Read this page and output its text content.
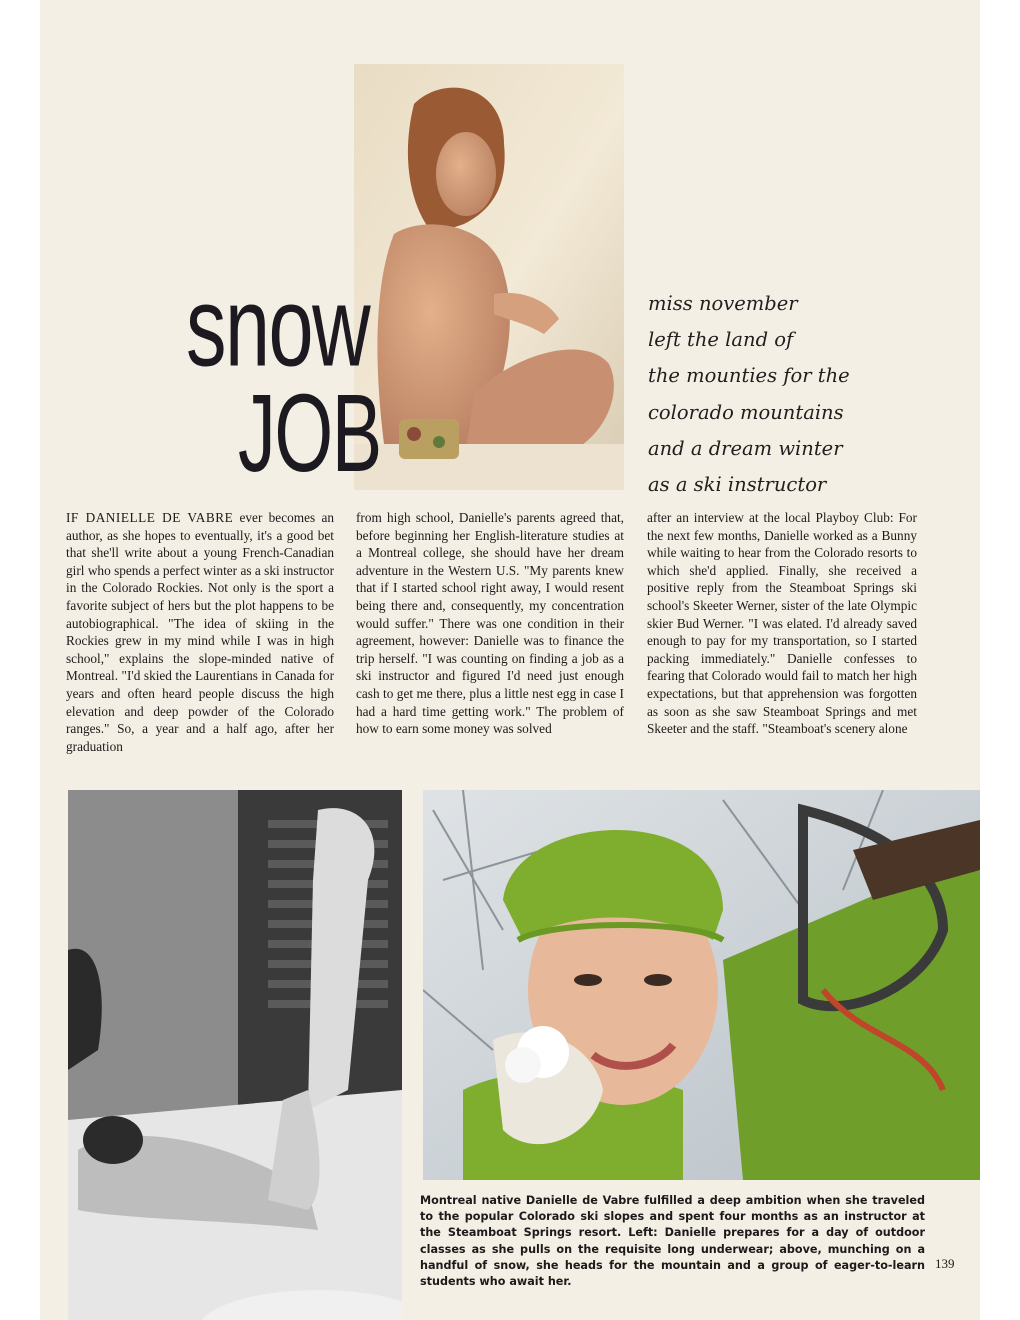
snow
JOB
miss november
left the land of
the mounties for the
colorado mountains
and a dream winter
as a ski instructor

IF DANIELLE DE VABRE ever becomes an author, as she hopes to eventually, it's a good bet that she'll write about a young French-Canadian girl who spends a perfect winter as a ski instructor in the Colorado Rockies. Not only is the sport a favorite subject of hers but the plot happens to be autobiographical. "The idea of skiing in the Rockies grew in my mind while I was in high school," explains the slope-minded native of Montreal. "I'd skied the Laurentians in Canada for years and often heard people discuss the high elevation and deep powder of the Colorado ranges." So, a year and a half ago, after her graduation

from high school, Danielle's parents agreed that, before beginning her English-literature studies at a Montreal college, she should have her dream adventure in the Western U.S. "My parents knew that if I started school right away, I would resent being there and, consequently, my concentration would suffer." There was one condition in their agreement, however: Danielle was to finance the trip herself. "I was counting on finding a job as a ski instructor and figured I'd need just enough cash to get me there, plus a little nest egg in case I had a hard time getting work." The problem of how to earn some money was solved

after an interview at the local Playboy Club: For the next few months, Danielle worked as a Bunny while waiting to hear from the Colorado resorts to which she'd applied. Finally, she received a positive reply from the Steamboat Springs ski school's Skeeter Werner, sister of the late Olympic skier Bud Werner. "I was elated. I'd already saved enough to pay for my transportation, so I started packing immediately." Danielle confesses to fearing that Colorado would fail to match her high expectations, but that apprehension was forgotten as soon as she saw Steamboat Springs and met Skeeter and the staff. "Steamboat's scenery alone

Montreal native Danielle de Vabre fulfilled a deep ambition when she traveled to the popular Colorado ski slopes and spent four months as an instructor at the Steamboat Springs resort. Left: Danielle prepares for a day of outdoor classes as she pulls on the requisite long underwear; above, munching on a handful of snow, she heads for the mountain and a group of eager-to-learn students who await her.
139
